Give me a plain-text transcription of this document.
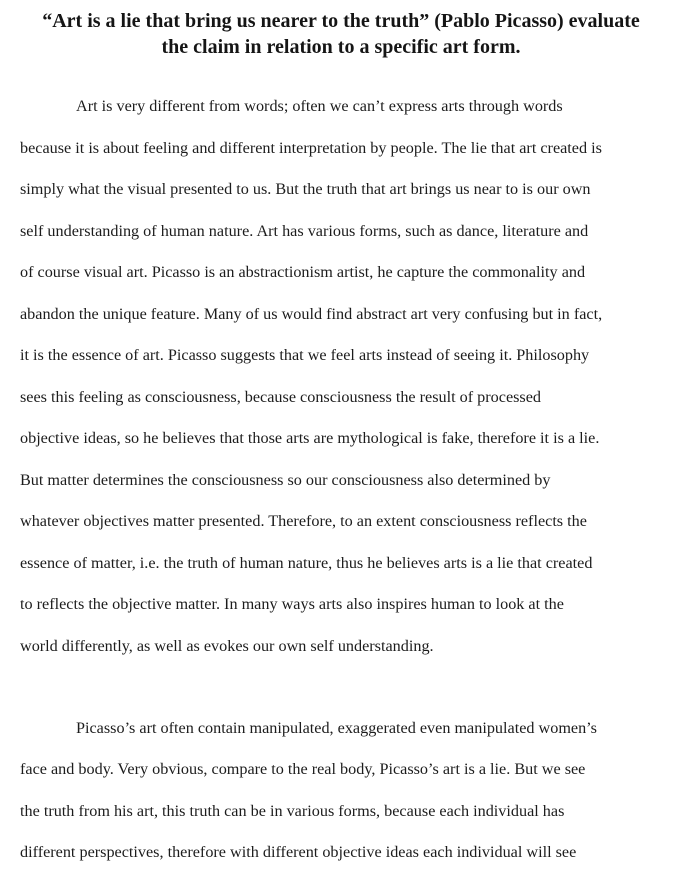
“Art is a lie that bring us nearer to the truth” (Pablo Picasso) evaluate
the claim in relation to a specific art form.
Art is very different from words; often we can’t express arts through words
because it is about feeling and different interpretation by people. The lie that art created is
simply what the visual presented to us. But the truth that art brings us near to is our own
self understanding of human nature. Art has various forms, such as dance, literature and
of course visual art. Picasso is an abstractionism artist, he capture the commonality and
abandon the unique feature. Many of us would find abstract art very confusing but in fact,
it is the essence of art. Picasso suggests that we feel arts instead of seeing it. Philosophy
sees this feeling as consciousness, because consciousness the result of processed
objective ideas, so he believes that those arts are mythological is fake, therefore it is a lie.
But matter determines the consciousness so our consciousness also determined by
whatever objectives matter presented. Therefore, to an extent consciousness reflects the
essence of matter, i.e. the truth of human nature, thus he believes arts is a lie that created
to reflects the objective matter. In many ways arts also inspires human to look at the
world differently, as well as evokes our own self understanding.
Picasso’s art often contain manipulated, exaggerated even manipulated women’s
face and body. Very obvious, compare to the real body, Picasso’s art is a lie. But we see
the truth from his art, this truth can be in various forms, because each individual has
different perspectives, therefore with different objective ideas each individual will see
